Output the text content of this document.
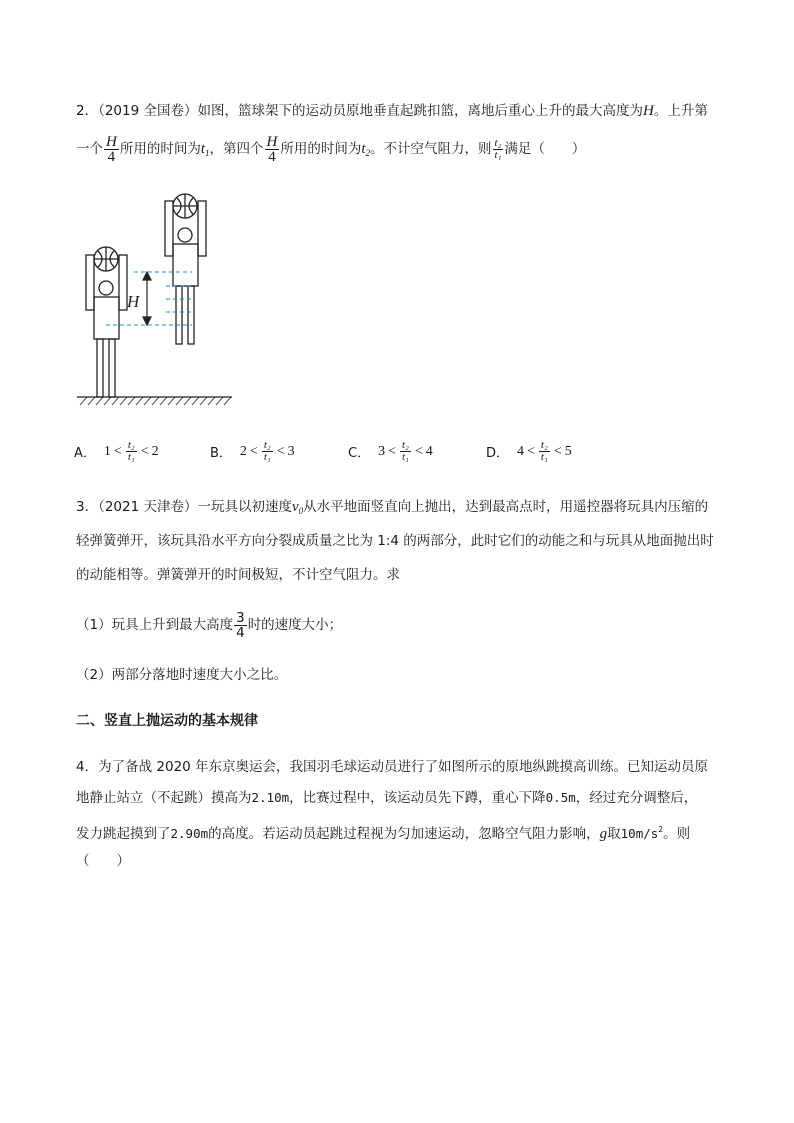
2．（2019 全国卷）如图，篮球架下的运动员原地垂直起跳扣篮，离地后重心上升的最大高度为H。上升第
一个 $\frac{H}{4}$ 所用的时间为$t_1$，第四个 $\frac{H}{4}$ 所用的时间为$t_2$。不计空气阻力，则 $\frac{\text{t₂}}{\text{t₁}}$ 满足（　　）
H
A． $1 < \frac{\text{t₂}}{\text{t₁}} < 2$	B． $2 < \frac{\text{t₂}}{\text{t₁}} < 3$	C． $3 < \frac{\text{t₂}}{\text{t₁}} < 4$	D． $4 < \frac{\text{t₂}}{\text{t₁}} < 5$
3．（2021 天津卷）一玩具以初速度$v_0$从水平地面竖直向上抛出，达到最高点时，用遥控器将玩具内压缩的
轻弹簧弹开，该玩具沿水平方向分裂成质量之比为 1:4 的两部分，此时它们的动能之和与玩具从地面抛出时
的动能相等。弹簧弹开的时间极短，不计空气阻力。求
（1）玩具上升到最大高度 $\frac{3}{4}$ 时的速度大小；
（2）两部分落地时速度大小之比。
二、竖直上抛运动的基本规律
4．为了备战 2020 年东京奥运会，我国羽毛球运动员进行了如图所示的原地纵跳摸高训练。已知运动员原
地静止站立（不起跳）摸高为2.10m，比赛过程中，该运动员先下蹲，重心下降0.5m，经过充分调整后，
发力跳起摸到了2.90m的高度。若运动员起跳过程视为匀加速运动，忽略空气阻力影响，g取$10m/s^2$。则
（　　）
